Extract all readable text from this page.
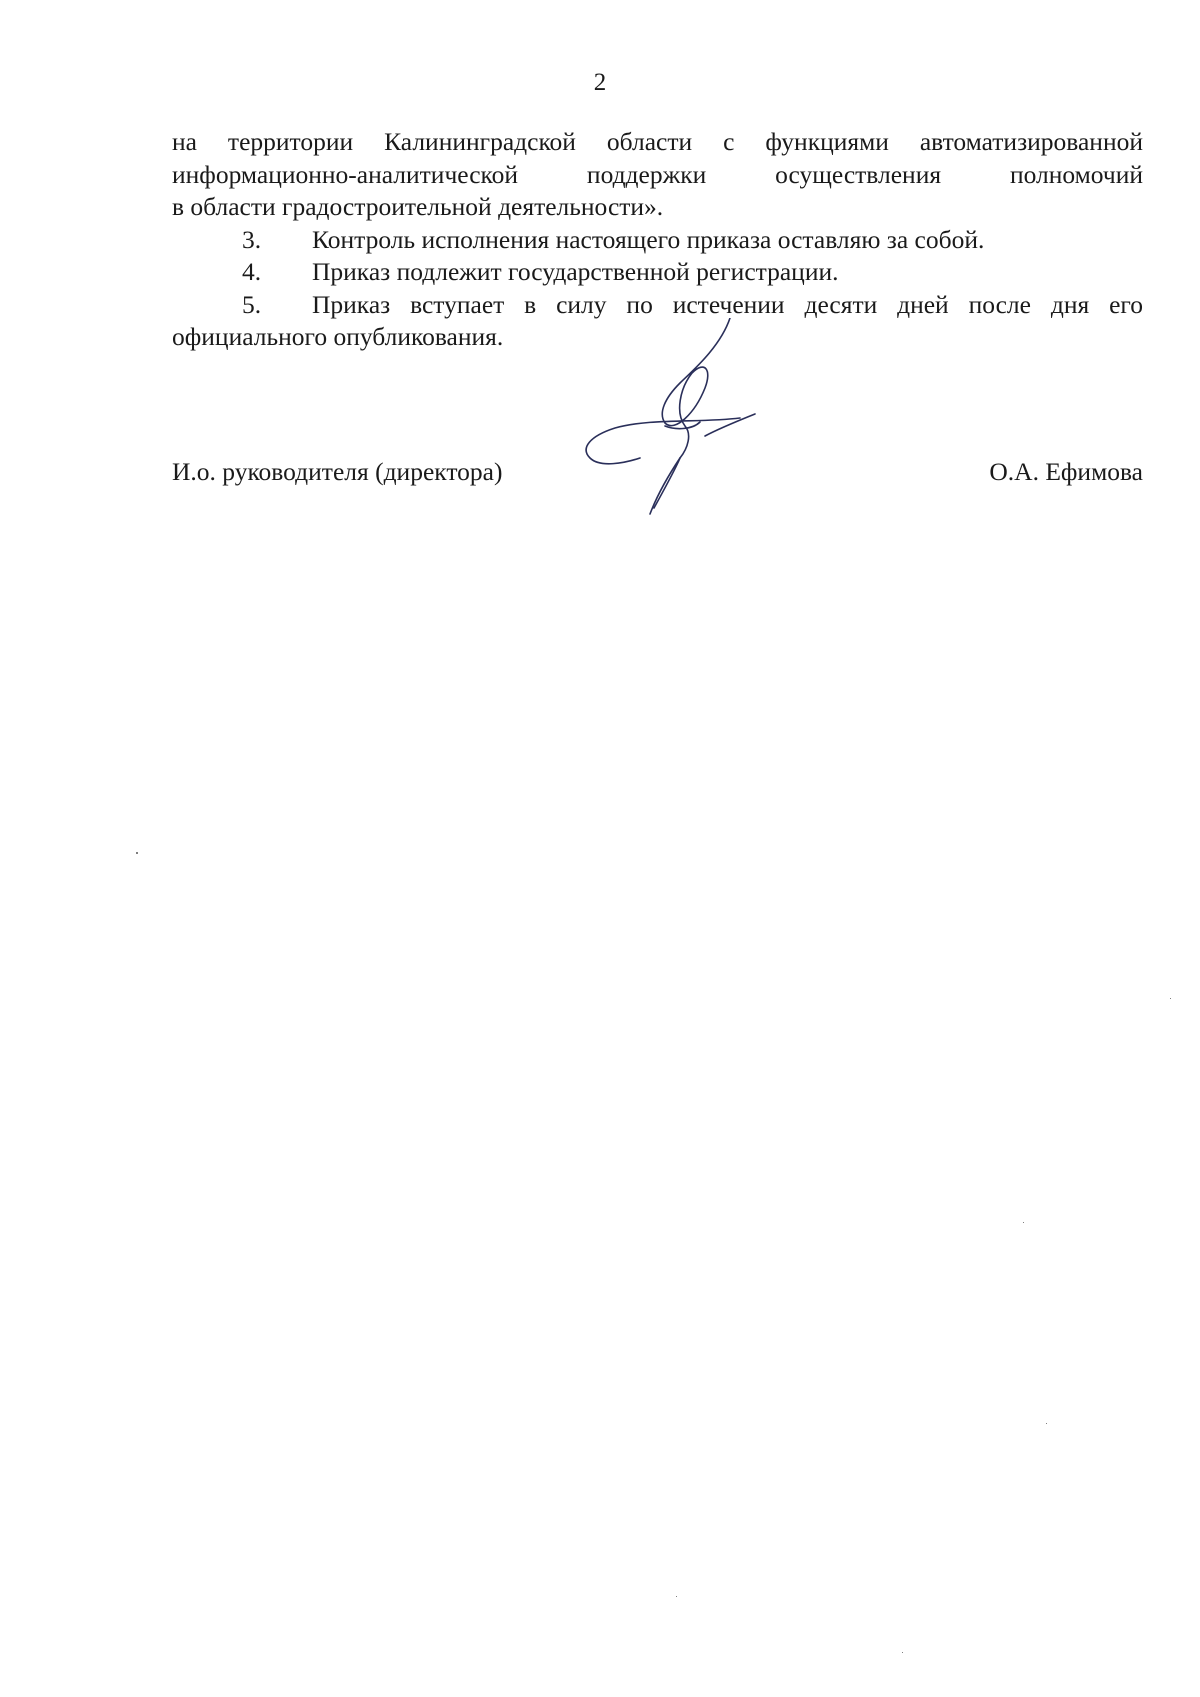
2

на территории Калининградской области с функциями автоматизированной
информационно-аналитической поддержки осуществления полномочий
в области градостроительной деятельности».

3. Контроль исполнения настоящего приказа оставляю за собой.

4. Приказ подлежит государственной регистрации.

5. Приказ вступает в силу по истечении десяти дней после дня его

официального опубликования.

И.о. руководителя (директора)	О.А. Ефимова
